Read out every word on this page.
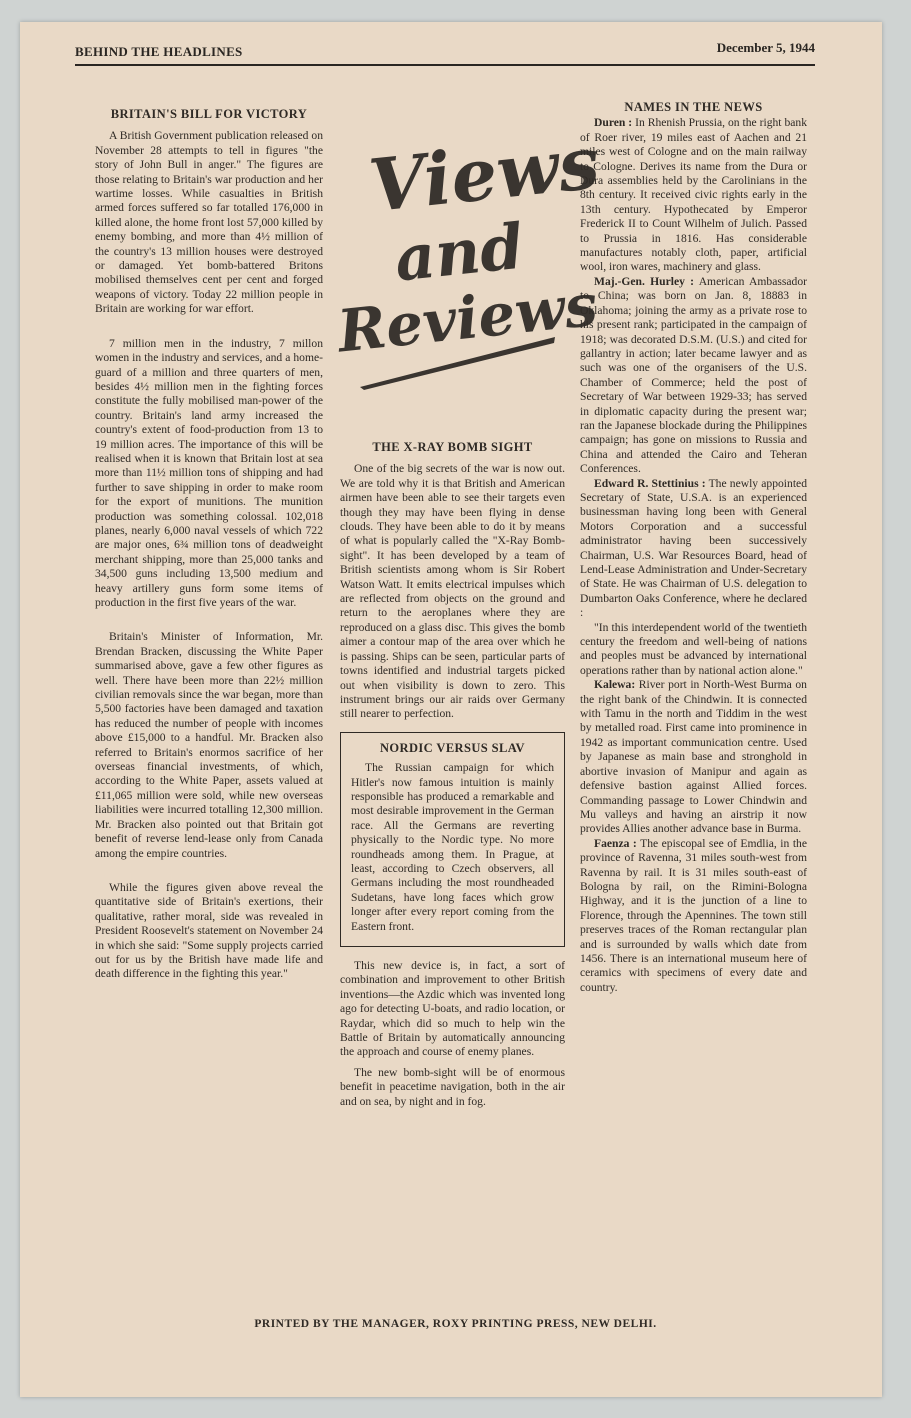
BEHIND THE HEADLINES	December 5, 1944
BRITAIN'S BILL FOR VICTORY

A British Government publication released on November 28 attempts to tell in figures "the story of John Bull in anger." The figures are those relating to Britain's war production and her wartime losses. While casualties in British armed forces suffered so far totalled 176,000 in killed alone, the home front lost 57,000 killed by enemy bombing, and more than 4½ million of the country's 13 million houses were destroyed or damaged. Yet bomb-battered Britons mobilised themselves cent per cent and forged weapons of victory. Today 22 million people in Britain are working for war effort.

7 million men in the industry, 7 millon women in the industry and services, and a home-guard of a million and three quarters of men, besides 4½ million men in the fighting forces constitute the fully mobilised man-power of the country. Britain's land army increased the country's extent of food-production from 13 to 19 million acres. The importance of this will be realised when it is known that Britain lost at sea more than 11½ million tons of shipping and had further to save shipping in order to make room for the export of munitions. The munition production was something colossal. 102,018 planes, nearly 6,000 naval vessels of which 722 are major ones, 6¾ million tons of deadweight merchant shipping, more than 25,000 tanks and 34,500 guns including 13,500 medium and heavy artillery guns form some items of production in the first five years of the war.

Britain's Minister of Information, Mr. Brendan Bracken, discussing the White Paper summarised above, gave a few other figures as well. There have been more than 22½ million civilian removals since the war began, more than 5,500 factories have been damaged and taxation has reduced the number of people with incomes above £15,000 to a handful. Mr. Bracken also referred to Britain's enormos sacrifice of her overseas financial investments, of which, according to the White Paper, assets valued at £11,065 million were sold, while new overseas liabilities were incurred totalling 12,300 million. Mr. Bracken also pointed out that Britain got benefit of reverse lend-lease only from Canada among the empire countries.

While the figures given above reveal the quantitative side of Britain's exertions, their qualitative, rather moral, side was revealed in President Roosevelt's statement on November 24 in which she said: "Some supply projects carried out for us by the British have made life and death difference in the fighting this year."

Views
and
Reviews
THE X-RAY BOMB SIGHT

One of the big secrets of the war is now out. We are told why it is that British and American airmen have been able to see their targets even though they may have been flying in dense clouds. They have been able to do it by means of what is popularly called the "X-Ray Bomb-sight". It has been developed by a team of British scientists among whom is Sir Robert Watson Watt. It emits electrical impulses which are reflected from objects on the ground and return to the aeroplanes where they are reproduced on a glass disc. This gives the bomb aimer a contour map of the area over which he is passing. Ships can be seen, particular parts of towns identified and industrial targets picked out when visibility is down to zero. This instrument brings our air raids over Germany still nearer to perfection.

NORDIC VERSUS SLAV

The Russian campaign for which Hitler's now famous intuition is mainly responsible has produced a remarkable and most desirable improvement in the German race. All the Germans are reverting physically to the Nordic type. No more roundheads among them. In Prague, at least, according to Czech observers, all Germans including the most roundheaded Sudetans, have long faces which grow longer after every report coming from the Eastern front.

This new device is, in fact, a sort of combination and improvement to other British inventions—the Azdic which was invented long ago for detecting U-boats, and radio location, or Raydar, which did so much to help win the Battle of Britain by automatically announcing the approach and course of enemy planes.

The new bomb-sight will be of enormous benefit in peacetime navigation, both in the air and on sea, by night and in fog.

NAMES IN THE NEWS

Duren : In Rhenish Prussia, on the right bank of Roer river, 19 miles east of Aachen and 21 miles west of Cologne and on the main railway to Cologne. Derives its name from the Dura or Dura assemblies held by the Carolinians in the 8th century. It received civic rights early in the 13th century. Hypothecated by Emperor Frederick II to Count Wilhelm of Julich. Passed to Prussia in 1816. Has considerable manufactures notably cloth, paper, artificial wool, iron wares, machinery and glass.

Maj.-Gen. Hurley : American Ambassador to China; was born on Jan. 8, 18883 in Oklahoma; joining the army as a private rose to his present rank; participated in the campaign of 1918; was decorated D.S.M. (U.S.) and cited for gallantry in action; later became lawyer and as such was one of the organisers of the U.S. Chamber of Commerce; held the post of Secretary of War between 1929-33; has served in diplomatic capacity during the present war; ran the Japanese blockade during the Philippines campaign; has gone on missions to Russia and China and attended the Cairo and Teheran Conferences.

Edward R. Stettinius : The newly appointed Secretary of State, U.S.A. is an experienced businessman having long been with General Motors Corporation and a successful administrator having been successively Chairman, U.S. War Resources Board, head of Lend-Lease Administration and Under-Secretary of State. He was Chairman of U.S. delegation to Dumbarton Oaks Conference, where he declared :

"In this interdependent world of the twentieth century the freedom and well-being of nations and peoples must be advanced by international operations rather than by national action alone."

Kalewa: River port in North-West Burma on the right bank of the Chindwin. It is connected with Tamu in the north and Tiddim in the west by metalled road. First came into prominence in 1942 as important communication centre. Used by Japanese as main base and stronghold in abortive invasion of Manipur and again as defensive bastion against Allied forces. Commanding passage to Lower Chindwin and Mu valleys and having an airstrip it now provides Allies another advance base in Burma.

Faenza : The episcopal see of Emdlia, in the province of Ravenna, 31 miles south-west from Ravenna by rail. It is 31 miles south-east of Bologna by rail, on the Rimini-Bologna Highway, and it is the junction of a line to Florence, through the Apennines. The town still preserves traces of the Roman rectangular plan and is surrounded by walls which date from 1456. There is an international museum here of ceramics with specimens of every date and country.

PRINTED BY THE MANAGER, ROXY PRINTING PRESS, NEW DELHI.
